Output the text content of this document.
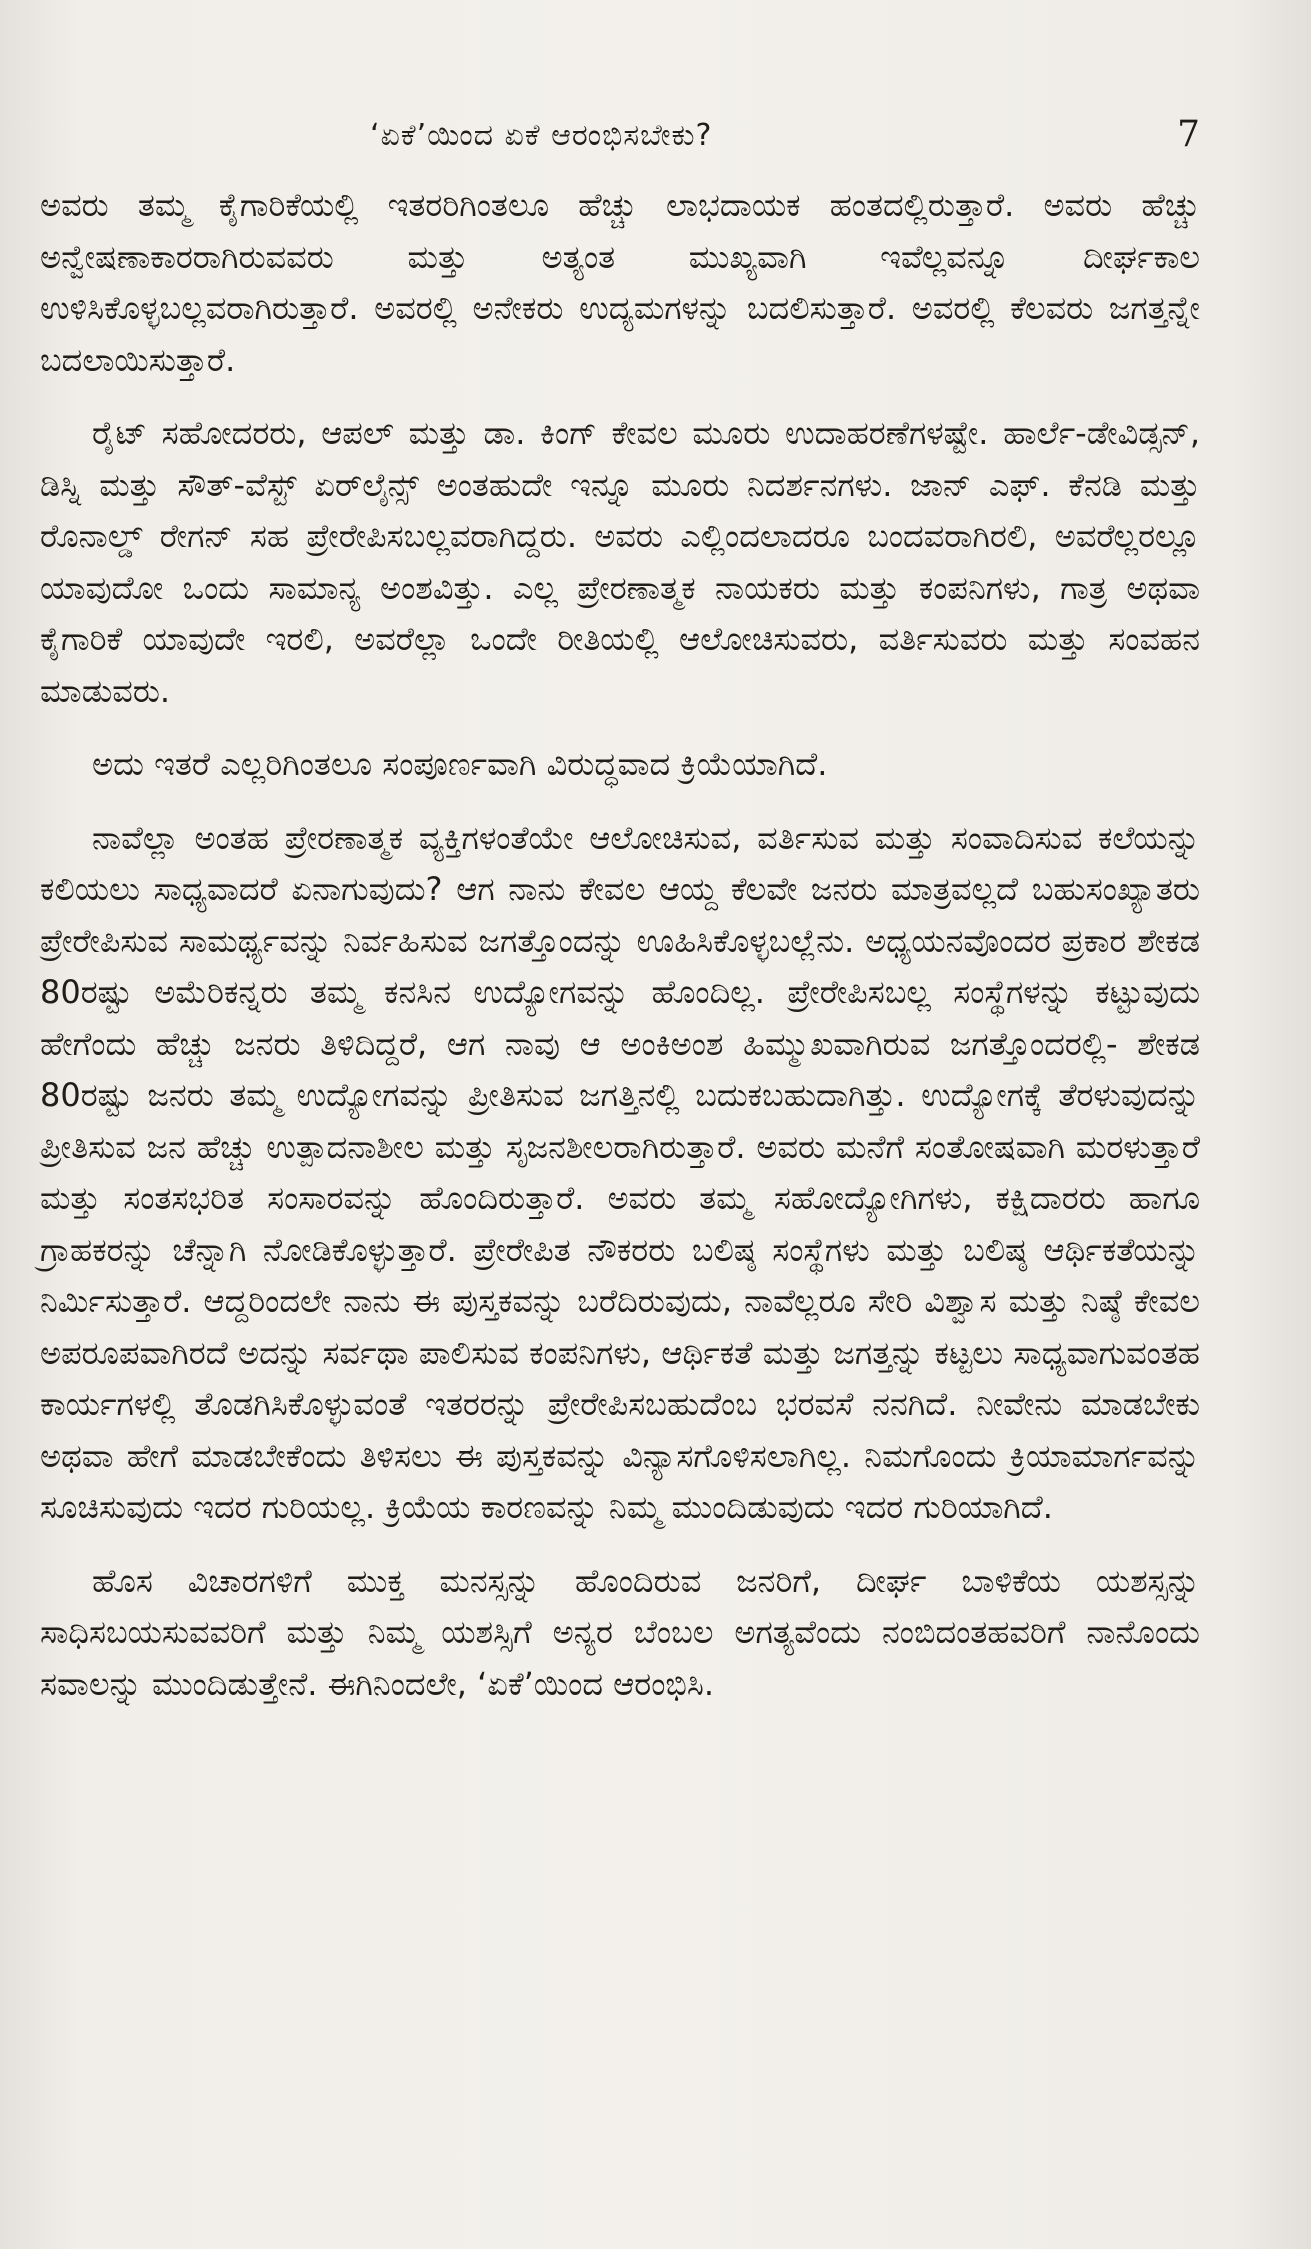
‘ಏಕೆ’ಯಿಂದ ಏಕೆ ಆರಂಭಿಸಬೇಕು?	7

ಅವರು ತಮ್ಮ ಕೈಗಾರಿಕೆಯಲ್ಲಿ ಇತರರಿಗಿಂತಲೂ ಹೆಚ್ಚು ಲಾಭದಾಯಕ ಹಂತದಲ್ಲಿರುತ್ತಾರೆ. ಅವರು ಹೆಚ್ಚು ಅನ್ವೇಷಣಾಕಾರರಾಗಿರುವವರು ಮತ್ತು ಅತ್ಯಂತ ಮುಖ್ಯವಾಗಿ ಇವೆಲ್ಲವನ್ನೂ ದೀರ್ಘಕಾಲ ಉಳಿಸಿಕೊಳ್ಳಬಲ್ಲವರಾಗಿರುತ್ತಾರೆ. ಅವರಲ್ಲಿ ಅನೇಕರು ಉದ್ಯಮಗಳನ್ನು ಬದಲಿಸುತ್ತಾರೆ. ಅವರಲ್ಲಿ ಕೆಲವರು ಜಗತ್ತನ್ನೇ ಬದಲಾಯಿಸುತ್ತಾರೆ.

ರೈಟ್ ಸಹೋದರರು, ಆಪಲ್ ಮತ್ತು ಡಾ. ಕಿಂಗ್ ಕೇವಲ ಮೂರು ಉದಾಹರಣೆಗಳಷ್ಟೇ. ಹಾರ್ಲೆ-ಡೇವಿಡ್ಸನ್, ಡಿಸ್ನಿ ಮತ್ತು ಸೌತ್-ವೆಸ್ಟ್ ಏರ್‌ಲೈನ್ಸ್ ಅಂತಹುದೇ ಇನ್ನೂ ಮೂರು ನಿದರ್ಶನಗಳು. ಜಾನ್ ಎಫ್. ಕೆನಡಿ ಮತ್ತು ರೊನಾಲ್ಡ್ ರೇಗನ್ ಸಹ ಪ್ರೇರೇಪಿಸಬಲ್ಲವರಾಗಿದ್ದರು. ಅವರು ಎಲ್ಲಿಂದಲಾದರೂ ಬಂದವರಾಗಿರಲಿ, ಅವರೆಲ್ಲರಲ್ಲೂ ಯಾವುದೋ ಒಂದು ಸಾಮಾನ್ಯ ಅಂಶವಿತ್ತು. ಎಲ್ಲ ಪ್ರೇರಣಾತ್ಮಕ ನಾಯಕರು ಮತ್ತು ಕಂಪನಿಗಳು, ಗಾತ್ರ ಅಥವಾ ಕೈಗಾರಿಕೆ ಯಾವುದೇ ಇರಲಿ, ಅವರೆಲ್ಲಾ ಒಂದೇ ರೀತಿಯಲ್ಲಿ ಆಲೋಚಿಸುವರು, ವರ್ತಿಸುವರು ಮತ್ತು ಸಂವಹನ ಮಾಡುವರು.

ಅದು ಇತರೆ ಎಲ್ಲರಿಗಿಂತಲೂ ಸಂಪೂರ್ಣವಾಗಿ ವಿರುದ್ಧವಾದ ಕ್ರಿಯೆಯಾಗಿದೆ.

ನಾವೆಲ್ಲಾ ಅಂತಹ ಪ್ರೇರಣಾತ್ಮಕ ವ್ಯಕ್ತಿಗಳಂತೆಯೇ ಆಲೋಚಿಸುವ, ವರ್ತಿಸುವ ಮತ್ತು ಸಂವಾದಿಸುವ ಕಲೆಯನ್ನು ಕಲಿಯಲು ಸಾಧ್ಯವಾದರೆ ಏನಾಗುವುದು? ಆಗ ನಾನು ಕೇವಲ ಆಯ್ದ ಕೆಲವೇ ಜನರು ಮಾತ್ರವಲ್ಲದೆ ಬಹುಸಂಖ್ಯಾತರು ಪ್ರೇರೇಪಿಸುವ ಸಾಮರ್ಥ್ಯವನ್ನು ನಿರ್ವಹಿಸುವ ಜಗತ್ತೊಂದನ್ನು ಊಹಿಸಿಕೊಳ್ಳಬಲ್ಲೆನು. ಅಧ್ಯಯನವೊಂದರ ಪ್ರಕಾರ ಶೇಕಡ 80ರಷ್ಟು ಅಮೆರಿಕನ್ನರು ತಮ್ಮ ಕನಸಿನ ಉದ್ಯೋಗವನ್ನು ಹೊಂದಿಲ್ಲ. ಪ್ರೇರೇಪಿಸಬಲ್ಲ ಸಂಸ್ಥೆಗಳನ್ನು ಕಟ್ಟುವುದು ಹೇಗೆಂದು ಹೆಚ್ಚು ಜನರು ತಿಳಿದಿದ್ದರೆ, ಆಗ ನಾವು ಆ ಅಂಕಿಅಂಶ ಹಿಮ್ಮುಖವಾಗಿರುವ ಜಗತ್ತೊಂದರಲ್ಲಿ- ಶೇಕಡ 80ರಷ್ಟು ಜನರು ತಮ್ಮ ಉದ್ಯೋಗವನ್ನು ಪ್ರೀತಿಸುವ ಜಗತ್ತಿನಲ್ಲಿ ಬದುಕಬಹುದಾಗಿತ್ತು. ಉದ್ಯೋಗಕ್ಕೆ ತೆರಳುವುದನ್ನು ಪ್ರೀತಿಸುವ ಜನ ಹೆಚ್ಚು ಉತ್ಪಾದನಾಶೀಲ ಮತ್ತು ಸೃಜನಶೀಲರಾಗಿರುತ್ತಾರೆ. ಅವರು ಮನೆಗೆ ಸಂತೋಷವಾಗಿ ಮರಳುತ್ತಾರೆ ಮತ್ತು ಸಂತಸಭರಿತ ಸಂಸಾರವನ್ನು ಹೊಂದಿರುತ್ತಾರೆ. ಅವರು ತಮ್ಮ ಸಹೋದ್ಯೋಗಿಗಳು, ಕಕ್ಷಿದಾರರು ಹಾಗೂ ಗ್ರಾಹಕರನ್ನು ಚೆನ್ನಾಗಿ ನೋಡಿಕೊಳ್ಳುತ್ತಾರೆ. ಪ್ರೇರೇಪಿತ ನೌಕರರು ಬಲಿಷ್ಠ ಸಂಸ್ಥೆಗಳು ಮತ್ತು ಬಲಿಷ್ಠ ಆರ್ಥಿಕತೆಯನ್ನು ನಿರ್ಮಿಸುತ್ತಾರೆ. ಆದ್ದರಿಂದಲೇ ನಾನು ಈ ಪುಸ್ತಕವನ್ನು ಬರೆದಿರುವುದು, ನಾವೆಲ್ಲರೂ ಸೇರಿ ವಿಶ್ವಾಸ ಮತ್ತು ನಿಷ್ಠೆ ಕೇವಲ ಅಪರೂಪವಾಗಿರದೆ ಅದನ್ನು ಸರ್ವಥಾ ಪಾಲಿಸುವ ಕಂಪನಿಗಳು, ಆರ್ಥಿಕತೆ ಮತ್ತು ಜಗತ್ತನ್ನು ಕಟ್ಟಲು ಸಾಧ್ಯವಾಗುವಂತಹ ಕಾರ್ಯಗಳಲ್ಲಿ ತೊಡಗಿಸಿಕೊಳ್ಳುವಂತೆ ಇತರರನ್ನು ಪ್ರೇರೇಪಿಸಬಹುದೆಂಬ ಭರವಸೆ ನನಗಿದೆ. ನೀವೇನು ಮಾಡಬೇಕು ಅಥವಾ ಹೇಗೆ ಮಾಡಬೇಕೆಂದು ತಿಳಿಸಲು ಈ ಪುಸ್ತಕವನ್ನು ವಿನ್ಯಾಸಗೊಳಿಸಲಾಗಿಲ್ಲ. ನಿಮಗೊಂದು ಕ್ರಿಯಾಮಾರ್ಗವನ್ನು ಸೂಚಿಸುವುದು ಇದರ ಗುರಿಯಲ್ಲ. ಕ್ರಿಯೆಯ ಕಾರಣವನ್ನು ನಿಮ್ಮ ಮುಂದಿಡುವುದು ಇದರ ಗುರಿಯಾಗಿದೆ.

ಹೊಸ ವಿಚಾರಗಳಿಗೆ ಮುಕ್ತ ಮನಸ್ಸನ್ನು ಹೊಂದಿರುವ ಜನರಿಗೆ, ದೀರ್ಘ ಬಾಳಿಕೆಯ ಯಶಸ್ಸನ್ನು ಸಾಧಿಸಬಯಸುವವರಿಗೆ ಮತ್ತು ನಿಮ್ಮ ಯಶಸ್ಸಿಗೆ ಅನ್ಯರ ಬೆಂಬಲ ಅಗತ್ಯವೆಂದು ನಂಬಿದಂತಹವರಿಗೆ ನಾನೊಂದು ಸವಾಲನ್ನು ಮುಂದಿಡುತ್ತೇನೆ. ಈಗಿನಿಂದಲೇ, ‘ಏಕೆ’ಯಿಂದ ಆರಂಭಿಸಿ.
